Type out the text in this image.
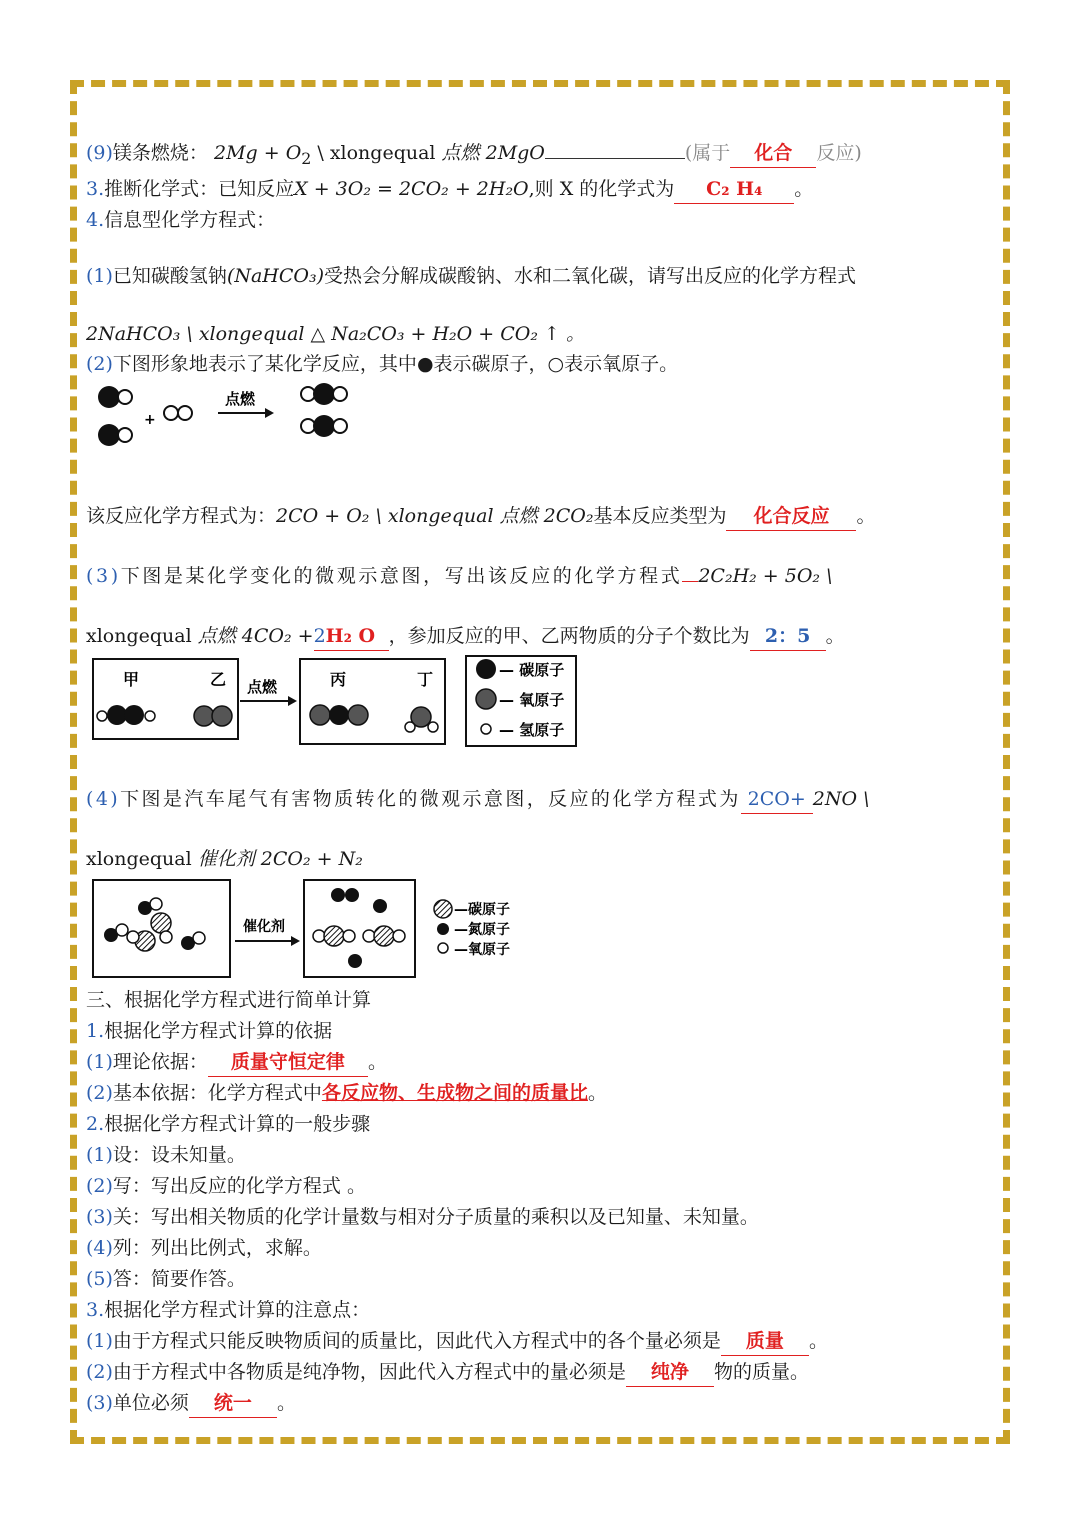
(9)镁条燃烧： $2Mg + O_2$ \ xlongequal 点燃 2MgO	(属于 化合 反应)
3.推断化学式：已知反应X + 3O₂ = 2CO₂ + 2H₂O,则 X 的化学式为 C₂ H₄ 。
4.信息型化学方程式：
(1)已知碳酸氢钠(NaHCO₃)受热会分解成碳酸钠、水和二氧化碳，请写出反应的化学方程式
2NaHCO₃ \ xlongequal △ Na₂CO₃ + H₂O + CO₂ ↑ 。
(2)下图形象地表示了某化学反应，其中●表示碳原子，○表示氧原子。
+
点燃
该反应化学方程式为：2CO + O₂ \ xlongequal 点燃 2CO₂基本反应类型为 化合反应 。
(3)下图是某化学变化的微观示意图，写出该反应的化学方程式 2C₂H₂ + 5O₂ \
xlongequal 点燃 4CO₂ +2H₂ O ，参加反应的甲、乙两物质的分子个数比为 2：5 。
甲	乙 点燃	丙	丁	— 碳原子
— 氧原子
— 氢原子
(4)下图是汽车尾气有害物质转化的微观示意图，反应的化学方程式为 2CO+ 2NO \
xlongequal 催化剂 2CO₂ + N₂
催化剂
—碳原子
—氮原子
—氧原子
三、根据化学方程式进行简单计算
1.根据化学方程式计算的依据
(1)理论依据： 质量守恒定律 。
(2)基本依据：化学方程式中各反应物、生成物之间的质量比。
2.根据化学方程式计算的一般步骤
(1)设：设未知量。
(2)写：写出反应的化学方程式 。
(3)关：写出相关物质的化学计量数与相对分子质量的乘积以及已知量、未知量。
(4)列：列出比例式，求解。
(5)答：简要作答。
3.根据化学方程式计算的注意点：
(1)由于方程式只能反映物质间的质量比，因此代入方程式中的各个量必须是 质量 。
(2)由于方程式中各物质是纯净物，因此代入方程式中的量必须是 纯净 物的质量。
(3)单位必须 统一 。
